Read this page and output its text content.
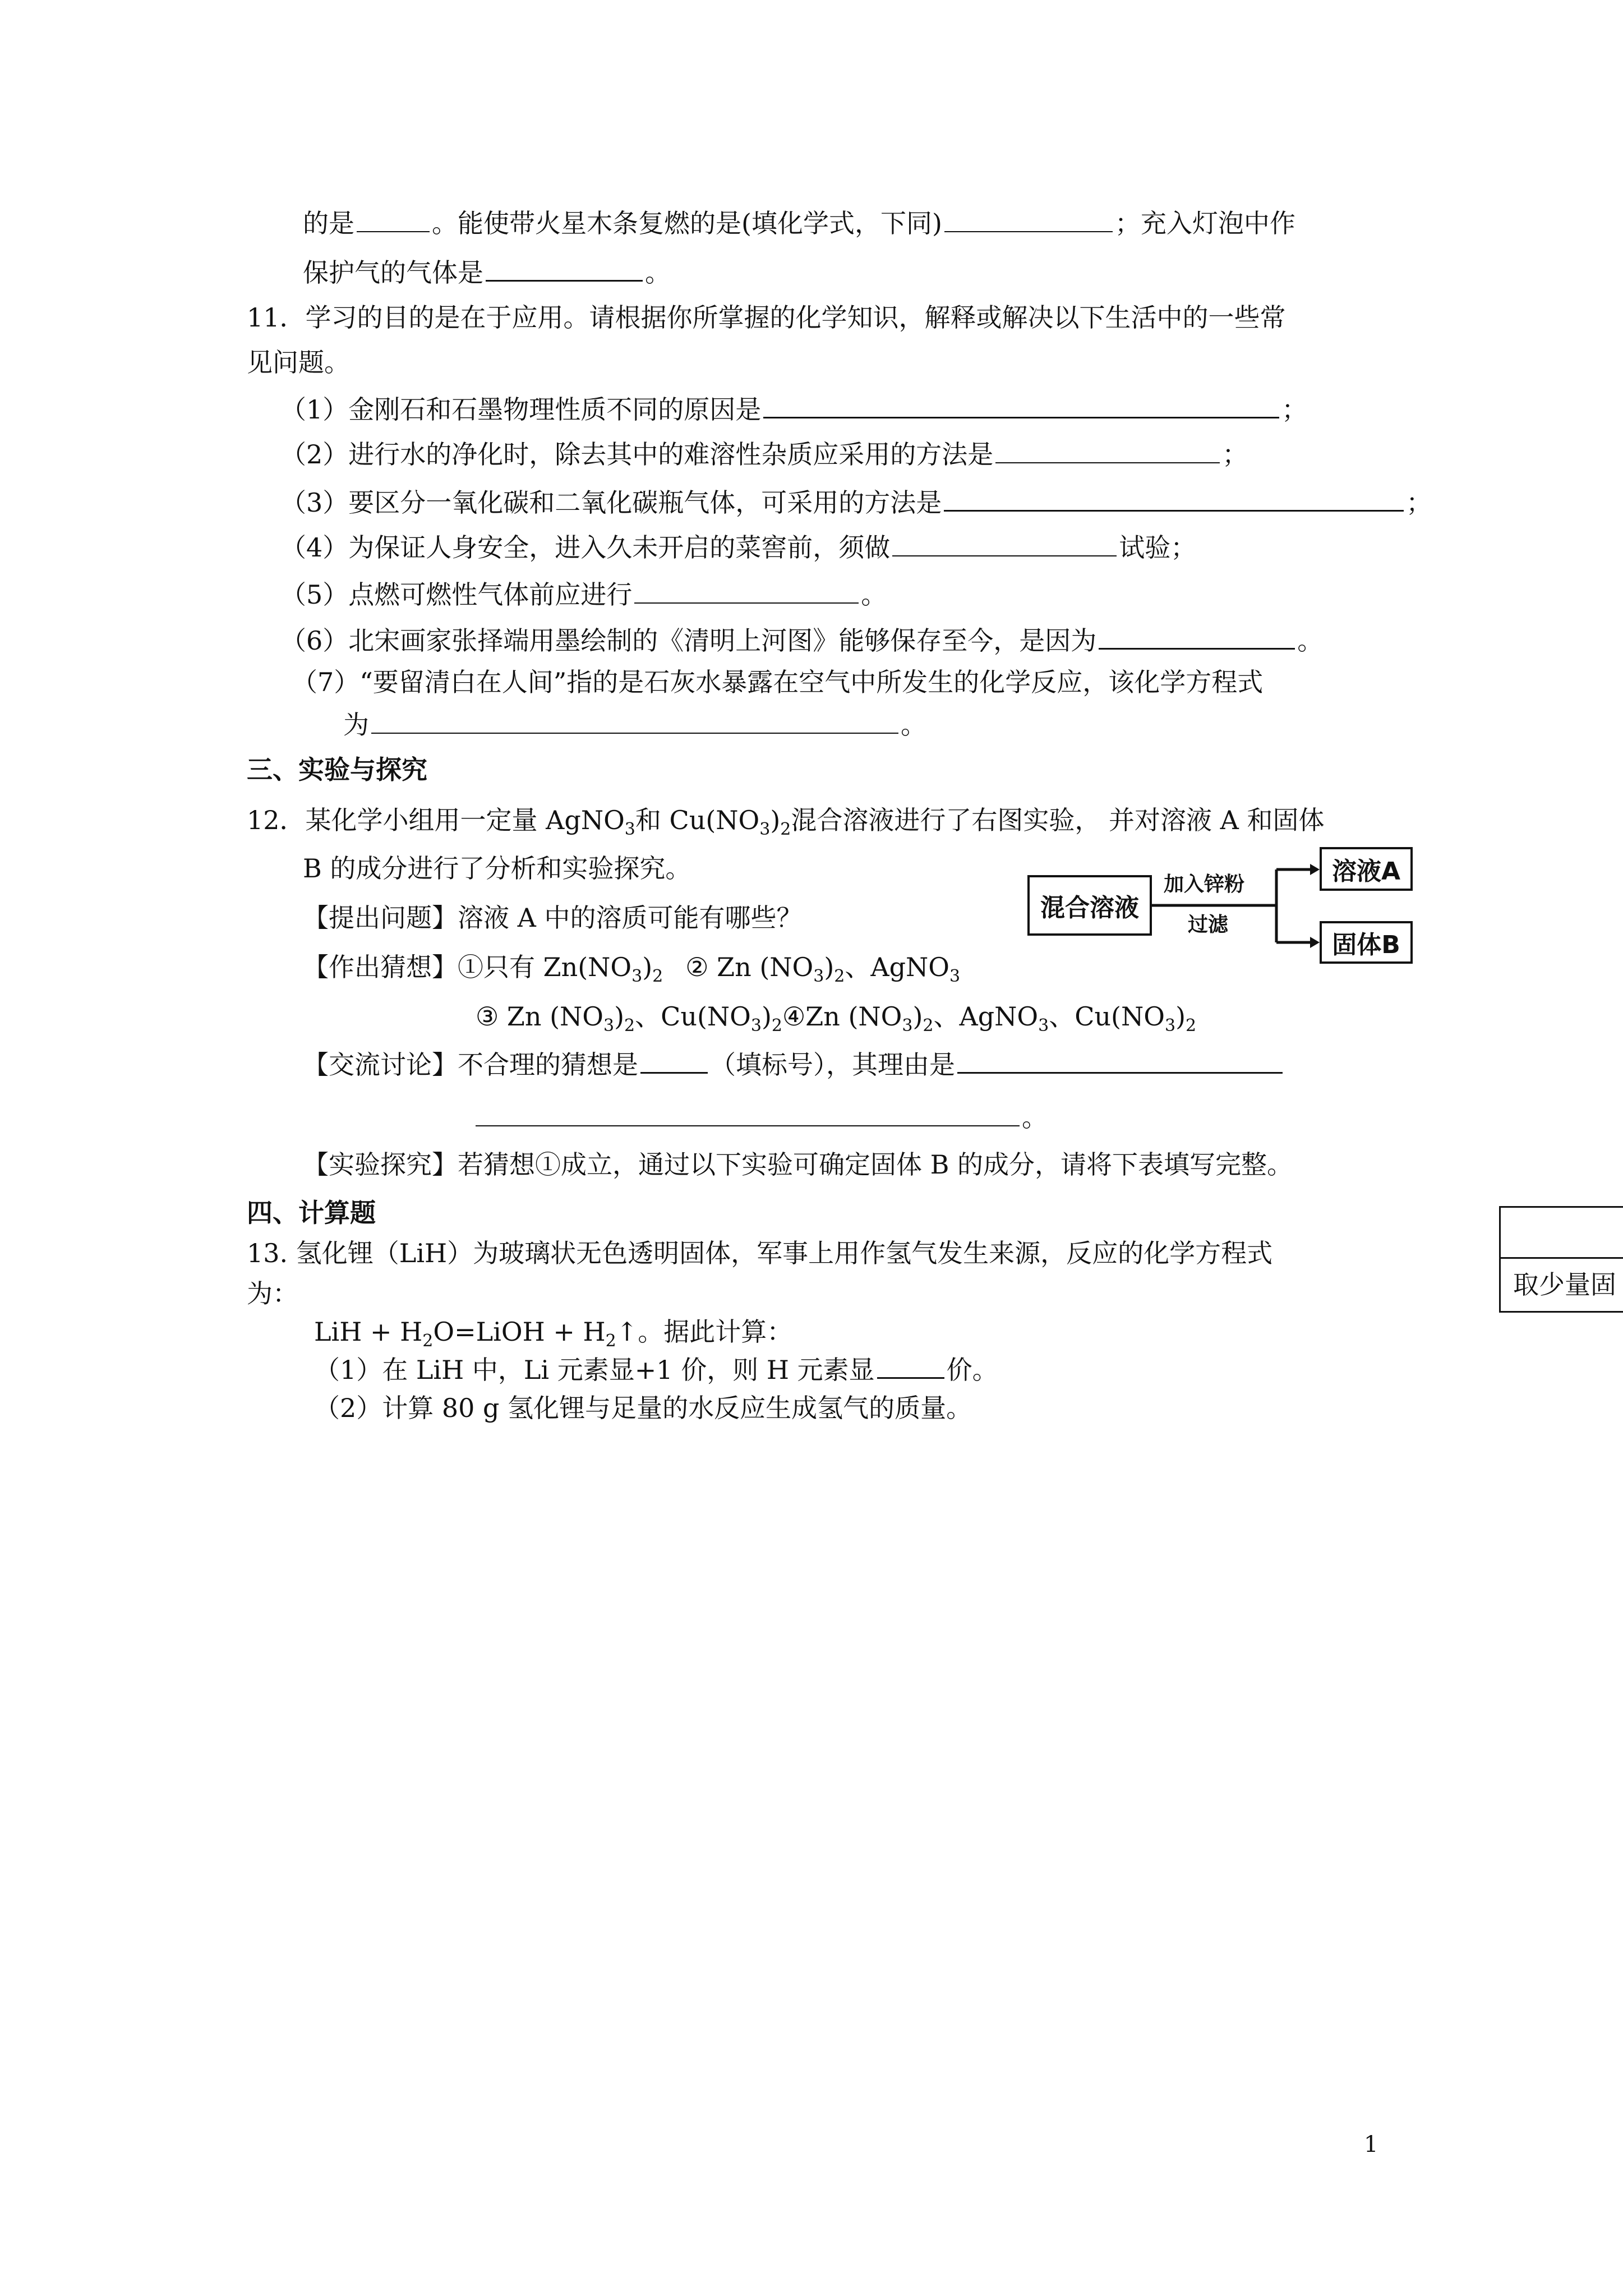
的是	。能使带火星木条复燃的是(填化学式，下同)	；充入灯泡中作
保护气的气体是	。
11．学习的目的是在于应用。请根据你所掌握的化学知识，解释或解决以下生活中的一些常
见问题。
（1）金刚石和石墨物理性质不同的原因是	；
（2）进行水的净化时，除去其中的难溶性杂质应采用的方法是	；
（3）要区分一氧化碳和二氧化碳瓶气体，可采用的方法是	；
（4）为保证人身安全，进入久未开启的菜窖前，须做	试验；
（5）点燃可燃性气体前应进行	。
（6）北宋画家张择端用墨绘制的《清明上河图》能够保存至今，是因为	。
（7）“要留清白在人间”指的是石灰水暴露在空气中所发生的化学反应，该化学方程式
为	。
三、实验与探究
12．某化学小组用一定量 AgNO$_3$和 $Cu(NO_3)_2$混合溶液进行了右图实验， 并对溶液 A 和固体
B 的成分进行了分析和实验探究。
【提出问题】溶液 A 中的溶质可能有哪些？
【作出猜想】①只有 $Zn(NO_3)_2$ ② Zn $(NO_3)_2$、AgNO$_3$
③ Zn $(NO_3)_2$、$Cu(NO_3)_2④Zn$ $(NO_3)_2$、AgNO$_3$、$Cu(NO_3)_2$
【交流讨论】不合理的猜想是	（填标号），其理由是
。
【实验探究】若猜想①成立，通过以下实验可确定固体 B 的成分，请将下表填写完整。
混合溶液
加入锌粉
过滤
溶液A
固体B
取少量固
四、计算题
13. 氢化锂（LiH）为玻璃状无色透明固体，军事上用作氢气发生来源，反应的化学方程式
为：
LiH + $H_2O=LiOH$ + $H_2↑$。据此计算：
（1）在 LiH 中，Li 元素显+1 价，则 H 元素显	价。
（2）计算 80 g 氢化锂与足量的水反应生成氢气的质量。
1
